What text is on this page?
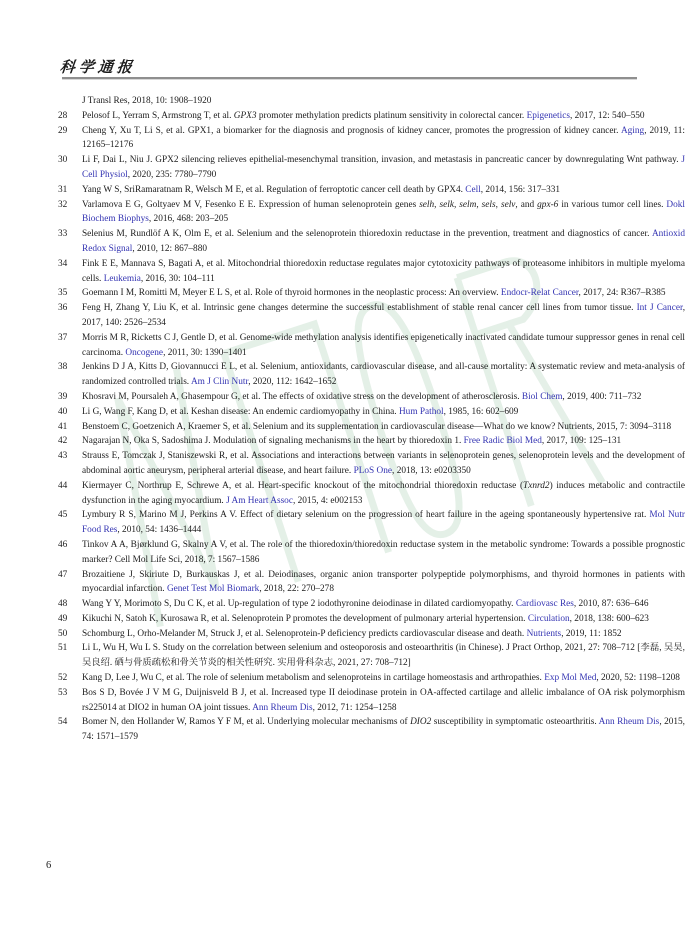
科学通报
J Transl Res, 2018, 10: 1908–1920
28	Pelosof L, Yerram S, Armstrong T, et al. GPX3 promoter methylation predicts platinum sensitivity in colorectal cancer. Epigenetics, 2017, 12: 540–550
29	Cheng Y, Xu T, Li S, et al. GPX1, a biomarker for the diagnosis and prognosis of kidney cancer, promotes the progression of kidney cancer. Aging, 2019, 11: 12165–12176
30	Li F, Dai L, Niu J. GPX2 silencing relieves epithelial-mesenchymal transition, invasion, and metastasis in pancreatic cancer by downregulating Wnt pathway. J Cell Physiol, 2020, 235: 7780–7790
31	Yang W S, SriRamaratnam R, Welsch M E, et al. Regulation of ferroptotic cancer cell death by GPX4. Cell, 2014, 156: 317–331
32	Varlamova E G, Goltyaev M V, Fesenko E E. Expression of human selenoprotein genes selh, selk, selm, sels, selv, and gpx-6 in various tumor cell lines. Dokl Biochem Biophys, 2016, 468: 203–205
33	Selenius M, Rundlöf A K, Olm E, et al. Selenium and the selenoprotein thioredoxin reductase in the prevention, treatment and diagnostics of cancer. Antioxid Redox Signal, 2010, 12: 867–880
34	Fink E E, Mannava S, Bagati A, et al. Mitochondrial thioredoxin reductase regulates major cytotoxicity pathways of proteasome inhibitors in multiple myeloma cells. Leukemia, 2016, 30: 104–111
35	Goemann I M, Romitti M, Meyer E L S, et al. Role of thyroid hormones in the neoplastic process: An overview. Endocr-Relat Cancer, 2017, 24: R367–R385
36	Feng H, Zhang Y, Liu K, et al. Intrinsic gene changes determine the successful establishment of stable renal cancer cell lines from tumor tissue. Int J Cancer, 2017, 140: 2526–2534
37	Morris M R, Ricketts C J, Gentle D, et al. Genome-wide methylation analysis identifies epigenetically inactivated candidate tumour suppressor genes in renal cell carcinoma. Oncogene, 2011, 30: 1390–1401
38	Jenkins D J A, Kitts D, Giovannucci E L, et al. Selenium, antioxidants, cardiovascular disease, and all-cause mortality: A systematic review and meta-analysis of randomized controlled trials. Am J Clin Nutr, 2020, 112: 1642–1652
39	Khosravi M, Poursaleh A, Ghasempour G, et al. The effects of oxidative stress on the development of atherosclerosis. Biol Chem, 2019, 400: 711–732
40	Li G, Wang F, Kang D, et al. Keshan disease: An endemic cardiomyopathy in China. Hum Pathol, 1985, 16: 602–609
41	Benstoem C, Goetzenich A, Kraemer S, et al. Selenium and its supplementation in cardiovascular disease—What do we know? Nutrients, 2015, 7: 3094–3118
42	Nagarajan N, Oka S, Sadoshima J. Modulation of signaling mechanisms in the heart by thioredoxin 1. Free Radic Biol Med, 2017, 109: 125–131
43	Strauss E, Tomczak J, Staniszewski R, et al. Associations and interactions between variants in selenoprotein genes, selenoprotein levels and the development of abdominal aortic aneurysm, peripheral arterial disease, and heart failure. PLoS One, 2018, 13: e0203350
44	Kiermayer C, Northrup E, Schrewe A, et al. Heart-specific knockout of the mitochondrial thioredoxin reductase (Txnrd2) induces metabolic and contractile dysfunction in the aging myocardium. J Am Heart Assoc, 2015, 4: e002153
45	Lymbury R S, Marino M J, Perkins A V. Effect of dietary selenium on the progression of heart failure in the ageing spontaneously hypertensive rat. Mol Nutr Food Res, 2010, 54: 1436–1444
46	Tinkov A A, Bjørklund G, Skalny A V, et al. The role of the thioredoxin/thioredoxin reductase system in the metabolic syndrome: Towards a possible prognostic marker? Cell Mol Life Sci, 2018, 7: 1567–1586
47	Brozaitiene J, Skiriute D, Burkauskas J, et al. Deiodinases, organic anion transporter polypeptide polymorphisms, and thyroid hormones in patients with myocardial infarction. Genet Test Mol Biomark, 2018, 22: 270–278
48	Wang Y Y, Morimoto S, Du C K, et al. Up-regulation of type 2 iodothyronine deiodinase in dilated cardiomyopathy. Cardiovasc Res, 2010, 87: 636–646
49	Kikuchi N, Satoh K, Kurosawa R, et al. Selenoprotein P promotes the development of pulmonary arterial hypertension. Circulation, 2018, 138: 600–623
50	Schomburg L, Orho-Melander M, Struck J, et al. Selenoprotein-P deficiency predicts cardiovascular disease and death. Nutrients, 2019, 11: 1852
51	Li L, Wu H, Wu L S. Study on the correlation between selenium and osteoporosis and osteoarthritis (in Chinese). J Pract Orthop, 2021, 27: 708–712 [李磊, 吴昊, 吴良绍. 硒与骨质疏松和骨关节炎的相关性研究. 实用骨科杂志, 2021, 27: 708–712]
52	Kang D, Lee J, Wu C, et al. The role of selenium metabolism and selenoproteins in cartilage homeostasis and arthropathies. Exp Mol Med, 2020, 52: 1198–1208
53	Bos S D, Bovée J V M G, Duijnisveld B J, et al. Increased type II deiodinase protein in OA-affected cartilage and allelic imbalance of OA risk polymorphism rs225014 at DIO2 in human OA joint tissues. Ann Rheum Dis, 2012, 71: 1254–1258
54	Bomer N, den Hollander W, Ramos Y F M, et al. Underlying molecular mechanisms of DIO2 susceptibility in symptomatic osteoarthritis. Ann Rheum Dis, 2015, 74: 1571–1579
6
